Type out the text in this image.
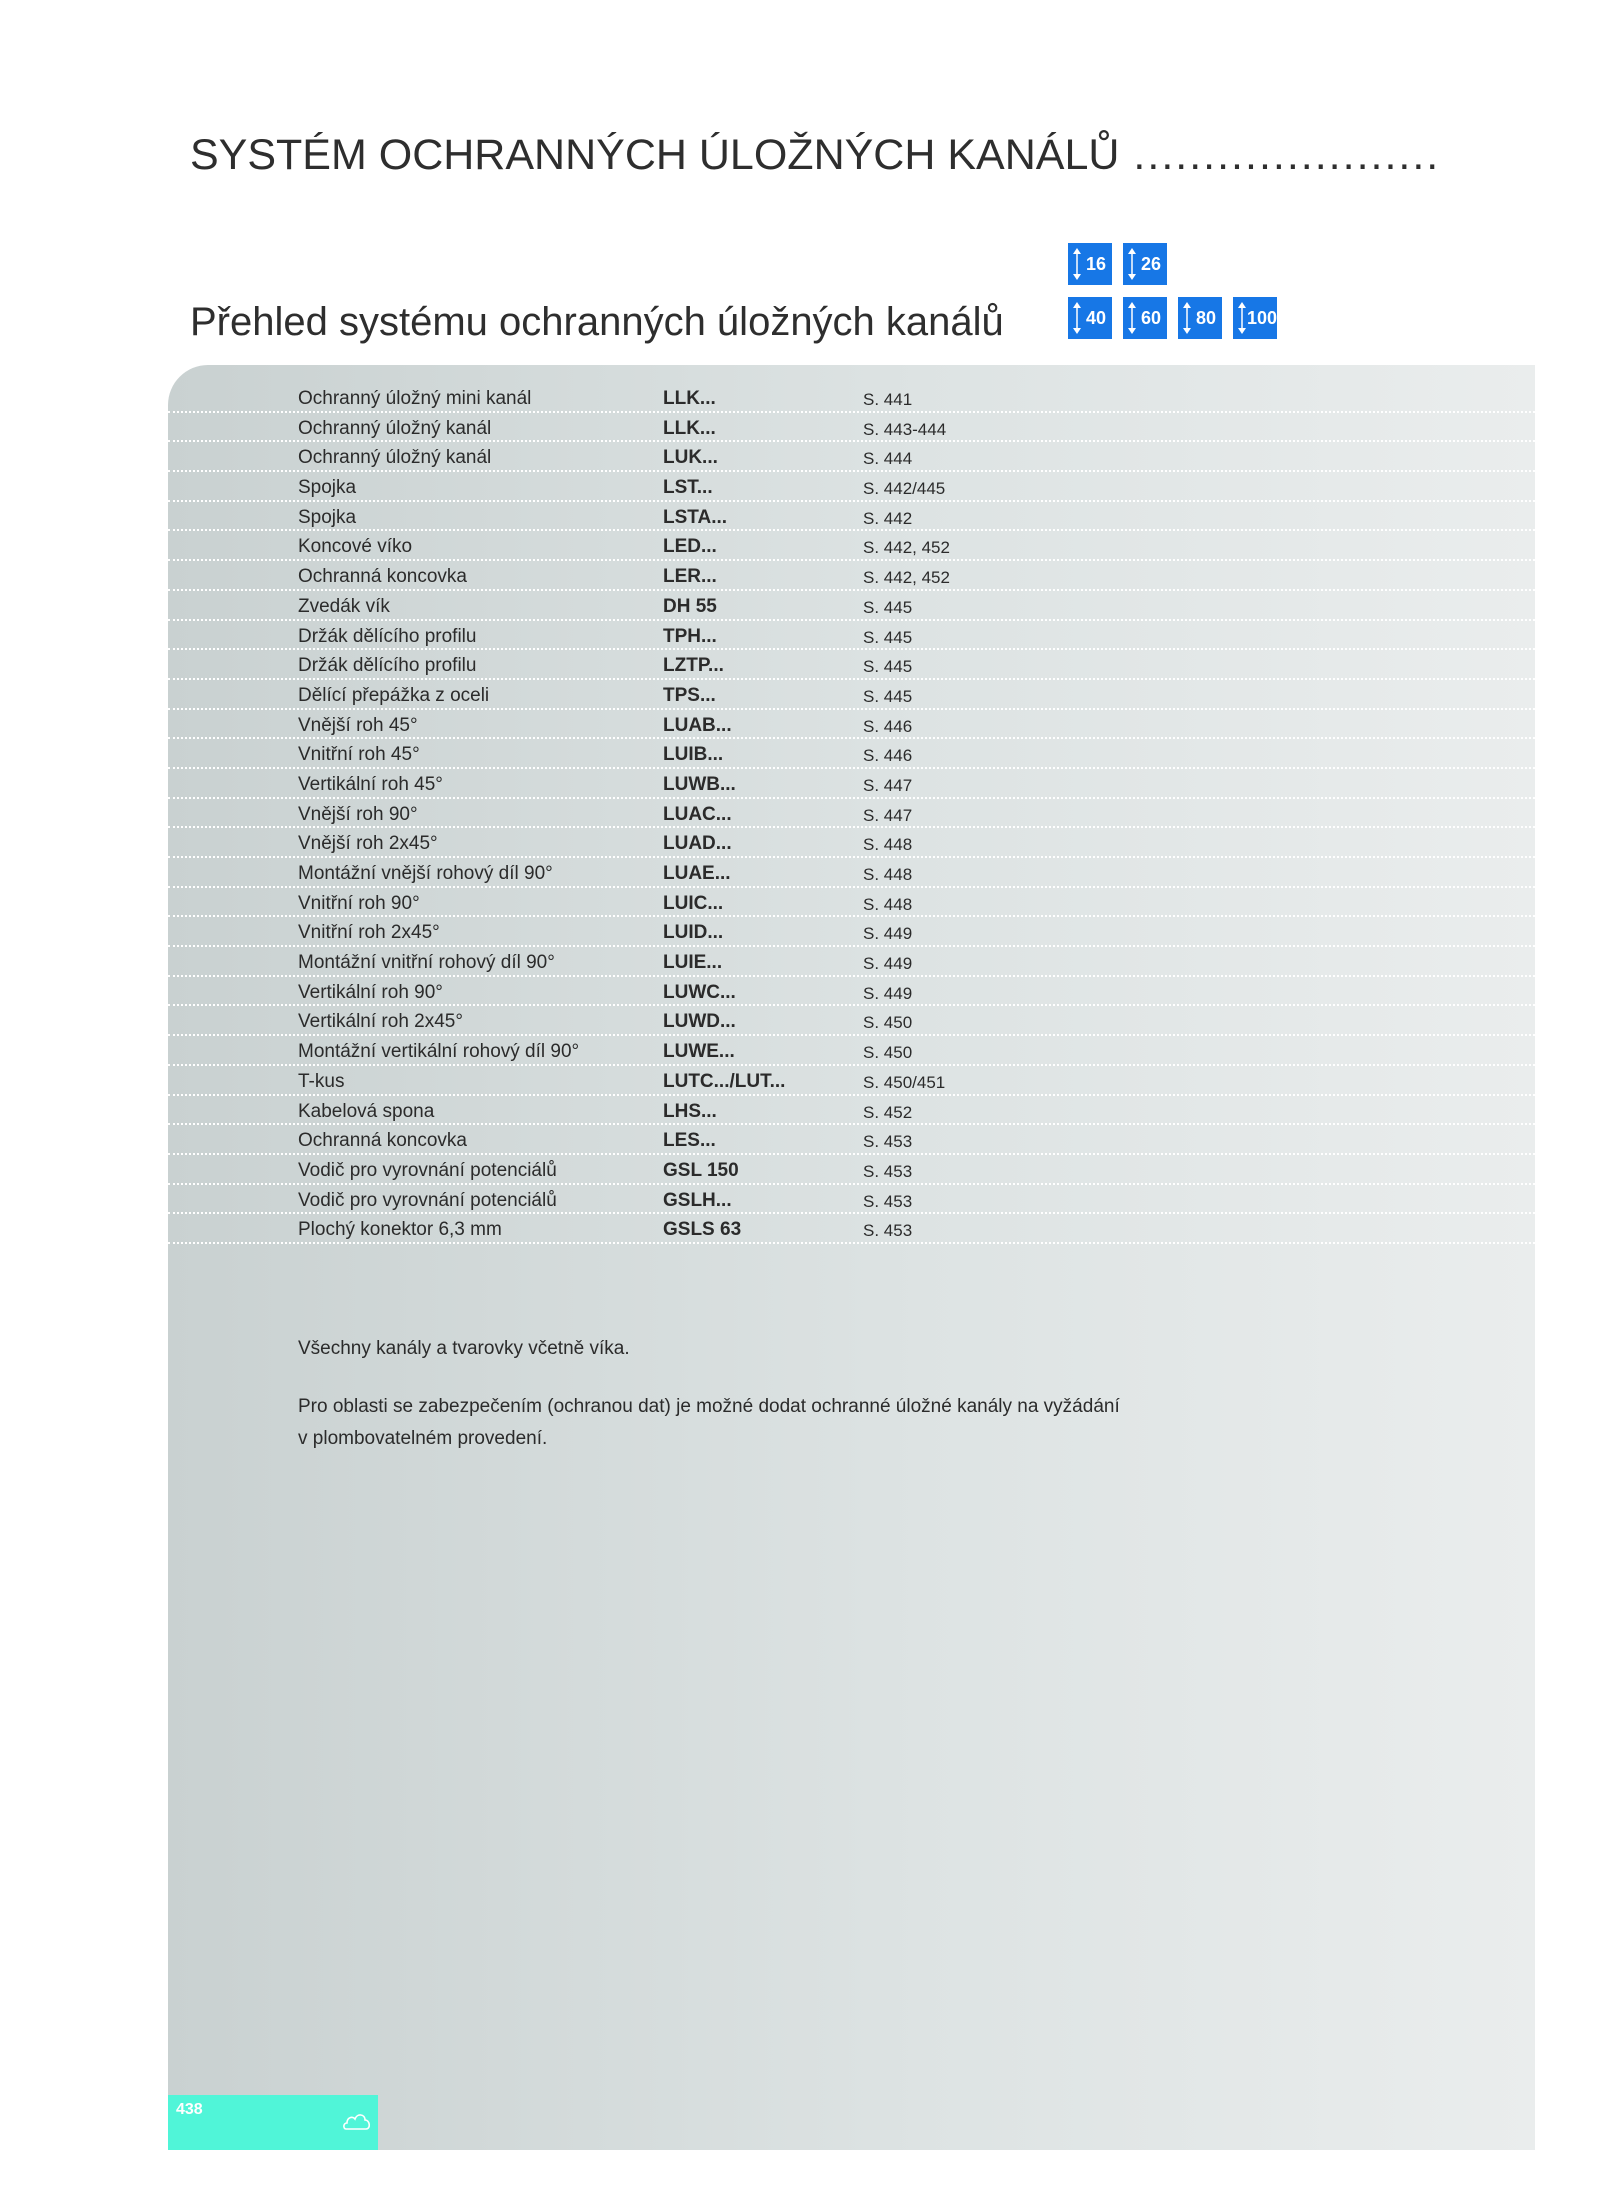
SYSTÉM OCHRANNÝCH ÚLOŽNÝCH KANÁLŮ ......................
16 26
40 60 80 100
Přehled systému ochranných úložných kanálů
Ochranný úložný mini kanál	LLK...	S. 441
Ochranný úložný kanál	LLK...	S. 443-444
Ochranný úložný kanál	LUK...	S. 444
Spojka	LST...	S. 442/445
Spojka	LSTA...	S. 442
Koncové víko	LED...	S. 442, 452
Ochranná koncovka	LER...	S. 442, 452
Zvedák vík	DH 55	S. 445
Držák dělícího profilu	TPH...	S. 445
Držák dělícího profilu	LZTP...	S. 445
Dělící přepážka z oceli	TPS...	S. 445
Vnější roh 45°	LUAB...	S. 446
Vnitřní roh 45°	LUIB...	S. 446
Vertikální roh 45°	LUWB...	S. 447
Vnější roh 90°	LUAC...	S. 447
Vnější roh 2x45°	LUAD...	S. 448
Montážní vnější rohový díl 90°	LUAE...	S. 448
Vnitřní roh 90°	LUIC...	S. 448
Vnitřní roh 2x45°	LUID...	S. 449
Montážní vnitřní rohový díl 90°	LUIE...	S. 449
Vertikální roh 90°	LUWC...	S. 449
Vertikální roh 2x45°	LUWD...	S. 450
Montážní vertikální rohový díl 90°	LUWE...	S. 450
T-kus	LUTC.../LUT...	S. 450/451
Kabelová spona	LHS...	S. 452
Ochranná koncovka	LES...	S. 453
Vodič pro vyrovnání potenciálů	GSL 150	S. 453
Vodič pro vyrovnání potenciálů	GSLH...	S. 453
Plochý konektor 6,3 mm	GSLS 63	S. 453
Všechny kanály a tvarovky včetně víka.
Pro oblasti se zabezpečením (ochranou dat) je možné dodat ochranné úložné kanály na vyžádání
v plombovatelném provedení.
438
